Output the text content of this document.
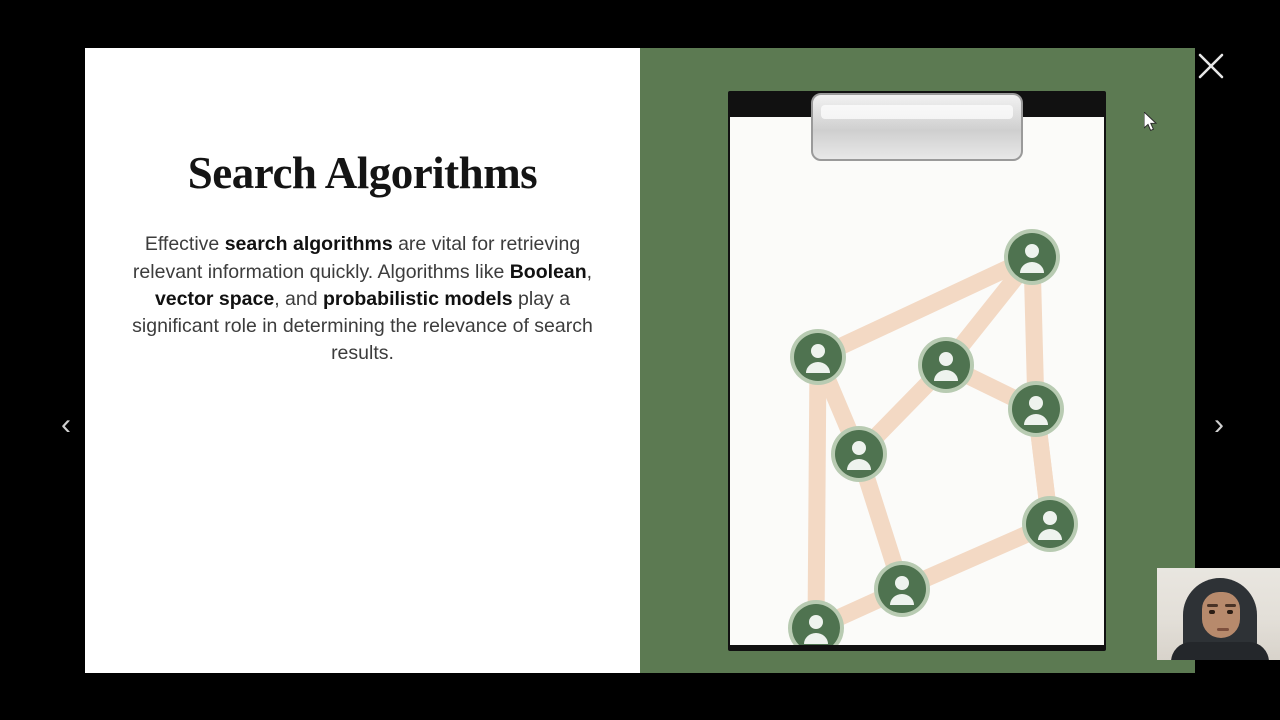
Search Algorithms
Effective search algorithms are vital for retrieving relevant information quickly. Algorithms like Boolean, vector space, and probabilistic models play a significant role in determining the relevance of search results.
‹	›
